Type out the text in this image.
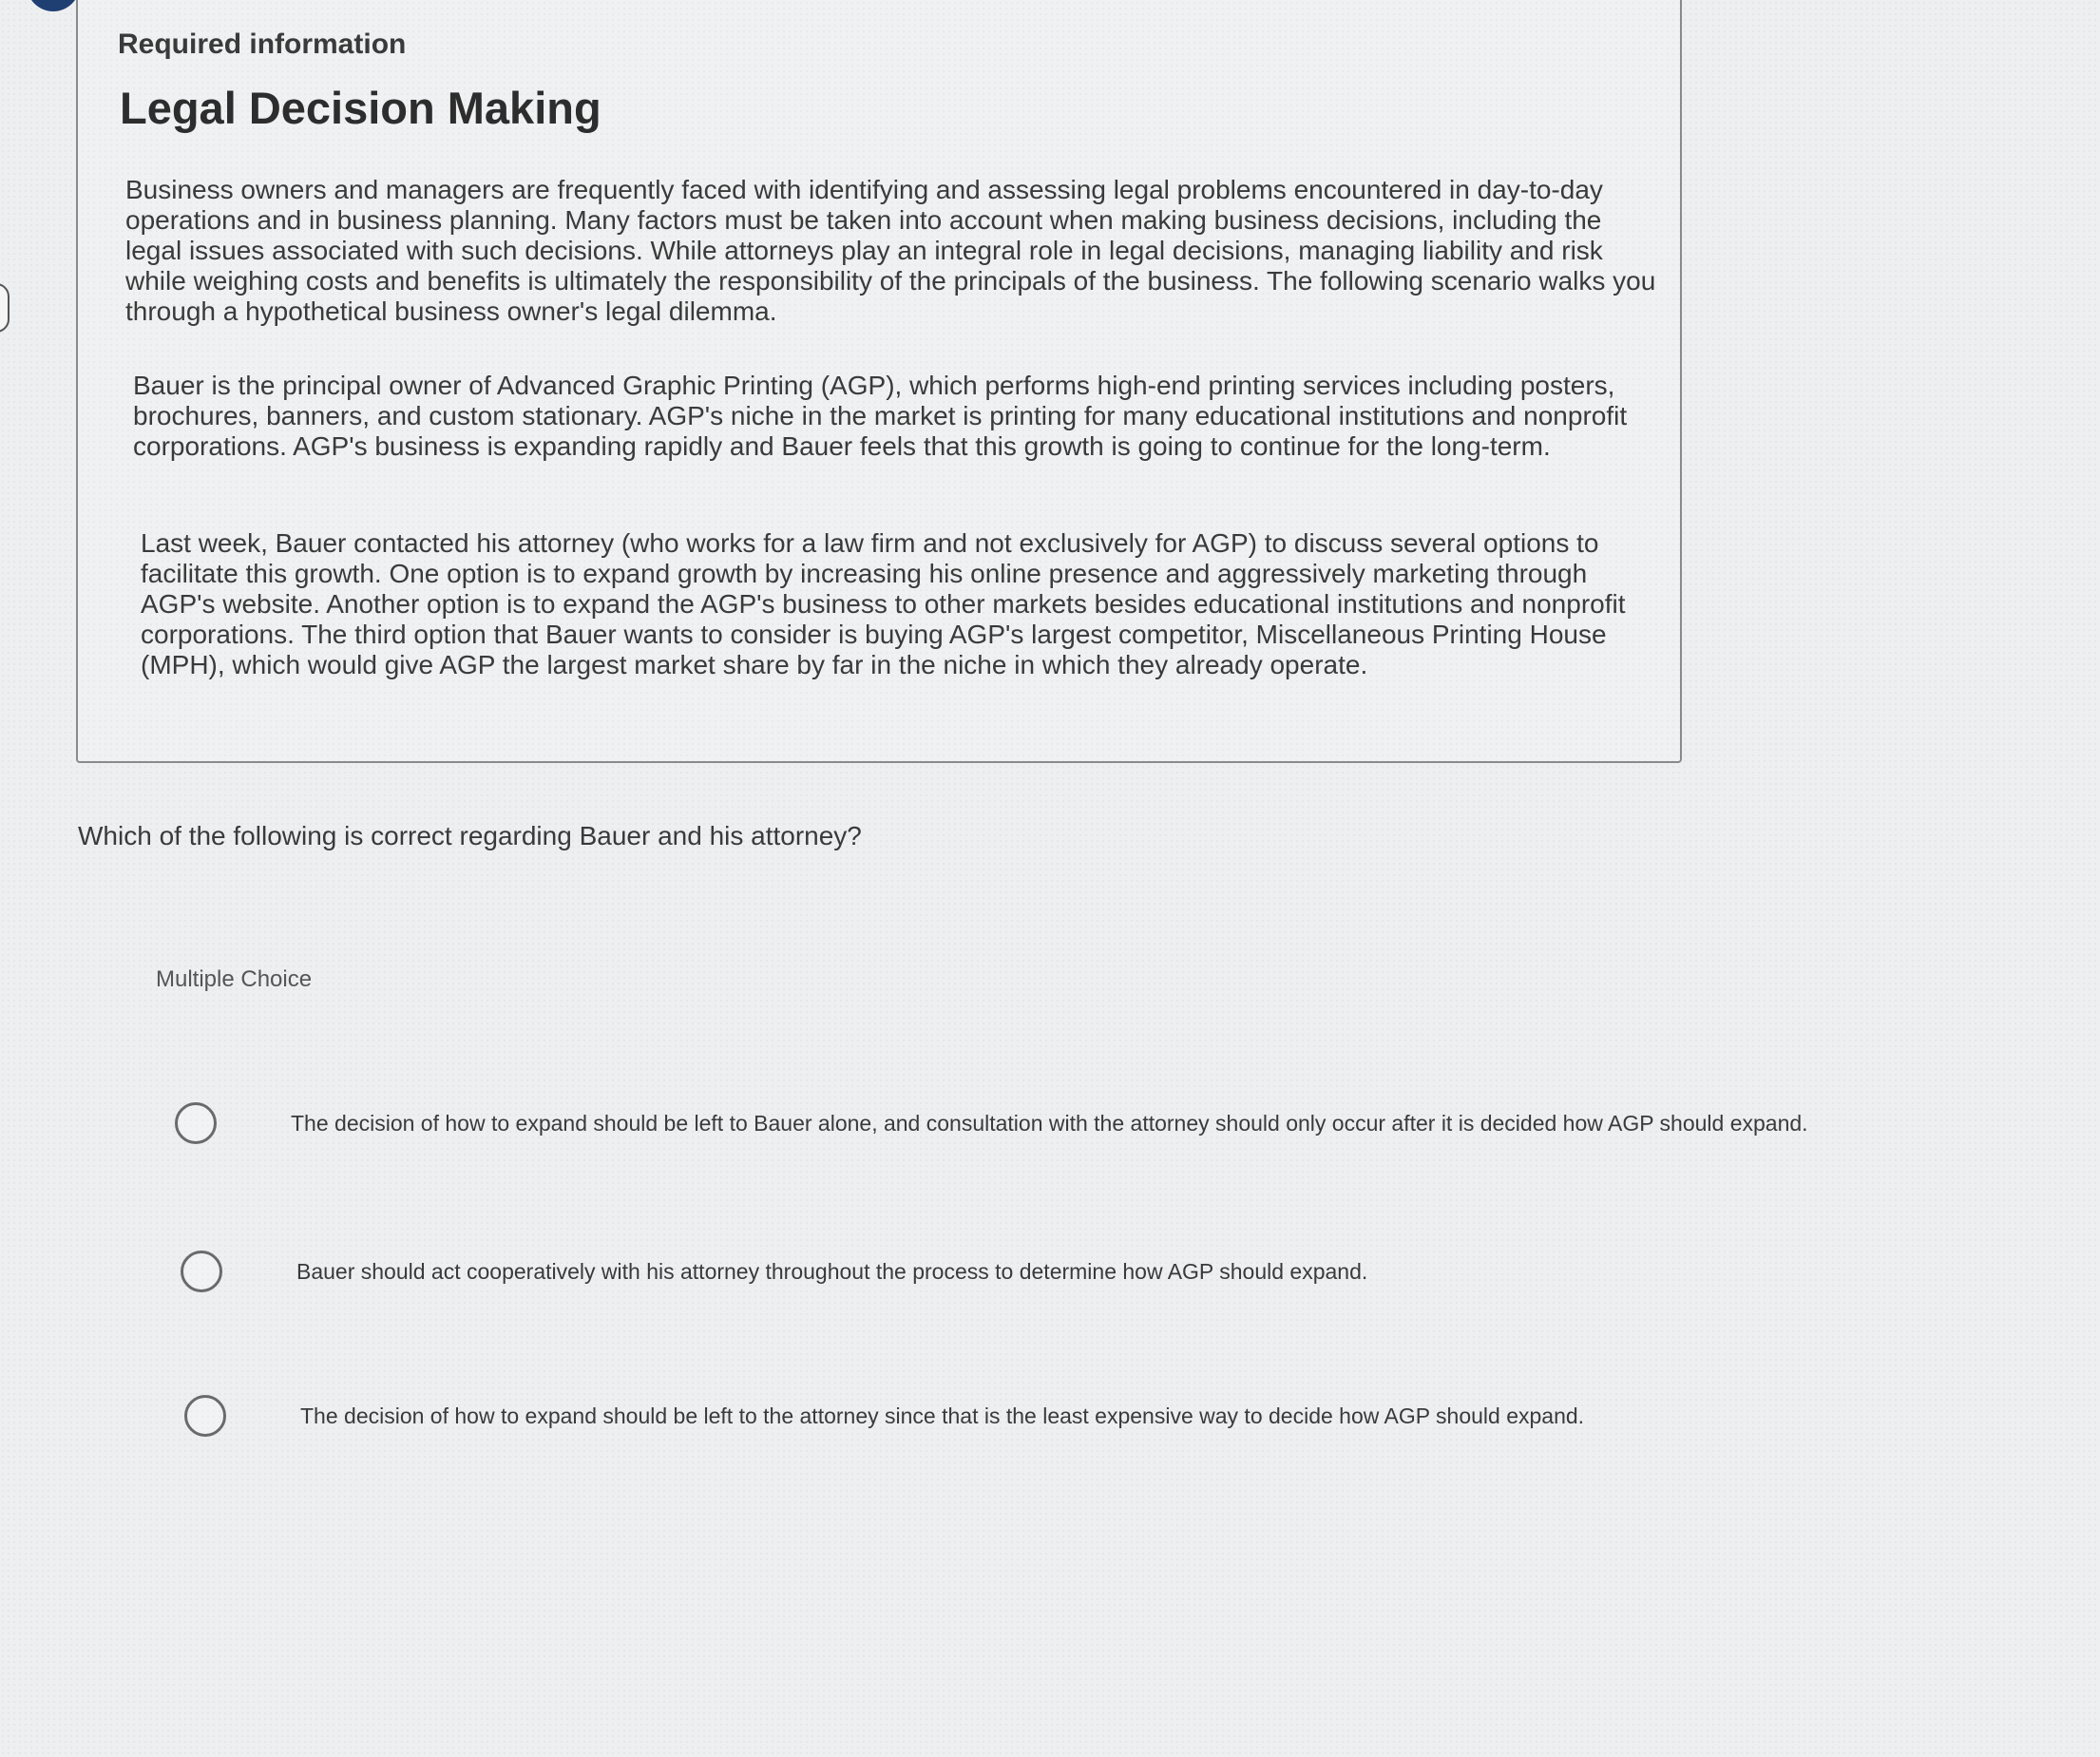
Required information
Legal Decision Making

Business owners and managers are frequently faced with identifying and assessing legal problems encountered in day-to-day operations and in business planning. Many factors must be taken into account when making business decisions, including the legal issues associated with such decisions. While attorneys play an integral role in legal decisions, managing liability and risk while weighing costs and benefits is ultimately the responsibility of the principals of the business. The following scenario walks you through a hypothetical business owner's legal dilemma.

Bauer is the principal owner of Advanced Graphic Printing (AGP), which performs high-end printing services including posters, brochures, banners, and custom stationary. AGP's niche in the market is printing for many educational institutions and nonprofit corporations. AGP's business is expanding rapidly and Bauer feels that this growth is going to continue for the long-term.

Last week, Bauer contacted his attorney (who works for a law firm and not exclusively for AGP) to discuss several options to facilitate this growth. One option is to expand growth by increasing his online presence and aggressively marketing through AGP's website. Another option is to expand the AGP's business to other markets besides educational institutions and nonprofit corporations. The third option that Bauer wants to consider is buying AGP's largest competitor, Miscellaneous Printing House (MPH), which would give AGP the largest market share by far in the niche in which they already operate.

Which of the following is correct regarding Bauer and his attorney?

Multiple Choice
The decision of how to expand should be left to Bauer alone, and consultation with the attorney should only occur after it is decided how AGP should expand.
Bauer should act cooperatively with his attorney throughout the process to determine how AGP should expand.
The decision of how to expand should be left to the attorney since that is the least expensive way to decide how AGP should expand.
